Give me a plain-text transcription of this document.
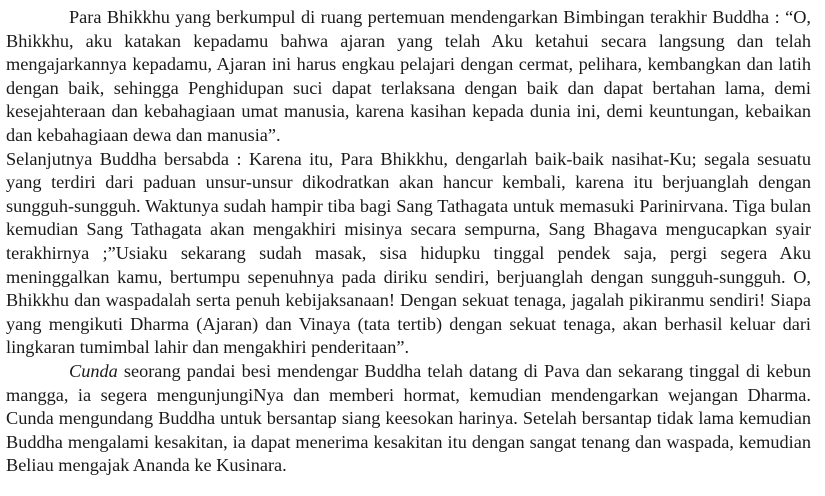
Para Bhikkhu yang berkumpul di ruang pertemuan mendengarkan Bimbingan terakhir Buddha : “O, Bhikkhu, aku katakan kepadamu bahwa ajaran yang telah Aku ketahui secara langsung dan telah mengajarkannya kepadamu, Ajaran ini harus engkau pelajari dengan cermat, pelihara, kembangkan dan latih dengan baik, sehingga Penghidupan suci dapat terlaksana dengan baik dan dapat bertahan lama, demi kesejahteraan dan kebahagiaan umat manusia, karena kasihan kepada dunia ini, demi keuntungan, kebaikan dan kebahagiaan dewa dan manusia”.

Selanjutnya Buddha bersabda : Karena itu, Para Bhikkhu, dengarlah baik-baik nasihat-Ku; segala sesuatu yang terdiri dari paduan unsur-unsur dikodratkan akan hancur kembali, karena itu berjuanglah dengan sungguh-sungguh. Waktunya sudah hampir tiba bagi Sang Tathagata untuk memasuki Parinirvana. Tiga bulan kemudian Sang Tathagata akan mengakhiri misinya secara sempurna, Sang Bhagava mengucapkan syair terakhirnya ;”Usiaku sekarang sudah masak, sisa hidupku tinggal pendek saja, pergi segera Aku meninggalkan kamu, bertumpu sepenuhnya pada diriku sendiri, berjuanglah dengan sungguh-sungguh. O, Bhikkhu dan waspadalah serta penuh kebijaksanaan! Dengan sekuat tenaga, jagalah pikiranmu sendiri! Siapa yang mengikuti Dharma (Ajaran) dan Vinaya (tata tertib) dengan sekuat tenaga, akan berhasil keluar dari lingkaran tumimbal lahir dan mengakhiri penderitaan”.

Cunda seorang pandai besi mendengar Buddha telah datang di Pava dan sekarang tinggal di kebun mangga, ia segera mengunjungiNya dan memberi hormat, kemudian mendengarkan wejangan Dharma. Cunda mengundang Buddha untuk bersantap siang keesokan harinya. Setelah bersantap tidak lama kemudian Buddha mengalami kesakitan, ia dapat menerima kesakitan itu dengan sangat tenang dan waspada, kemudian Beliau mengajak Ananda ke Kusinara.
